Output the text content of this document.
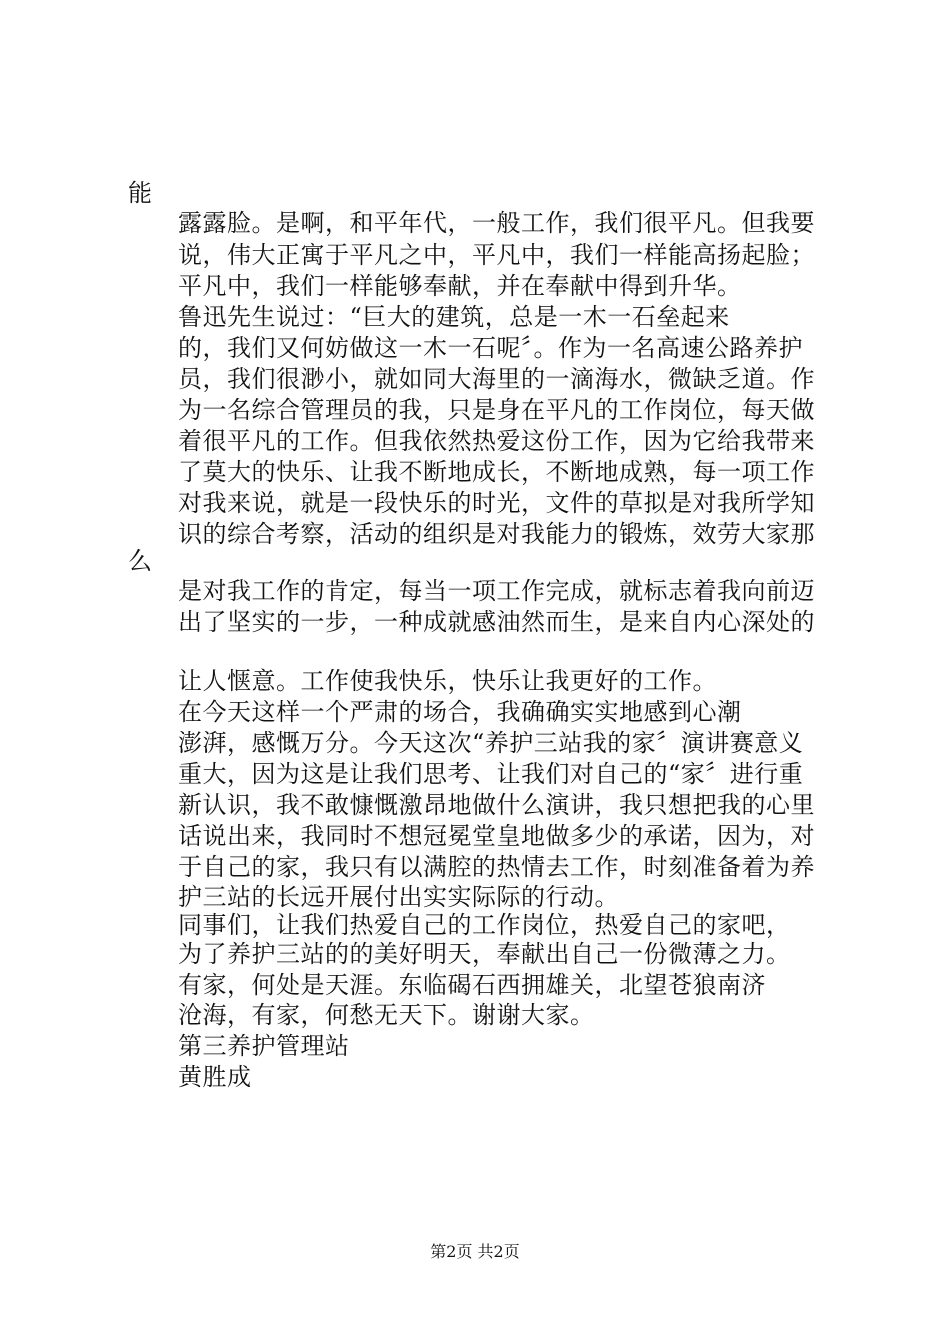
能
露露脸。是啊，和平年代，一般工作，我们很平凡。但我要
说，伟大正寓于平凡之中，平凡中，我们一样能高扬起脸；
平凡中，我们一样能够奉献，并在奉献中得到升华。
鲁迅先生说过：“巨大的建筑，总是一木一石垒起来
的，我们又何妨做这一木一石呢〞。作为一名高速公路养护
员，我们很渺小，就如同大海里的一滴海水，微缺乏道。作
为一名综合管理员的我，只是身在平凡的工作岗位，每天做
着很平凡的工作。但我依然热爱这份工作，因为它给我带来
了莫大的快乐、让我不断地成长，不断地成熟，每一项工作
对我来说，就是一段快乐的时光，文件的草拟是对我所学知
识的综合考察，活动的组织是对我能力的锻炼，效劳大家那
么
是对我工作的肯定，每当一项工作完成，就标志着我向前迈
出了坚实的一步，一种成就感油然而生，是来自内心深处的
让人惬意。工作使我快乐，快乐让我更好的工作。
在今天这样一个严肃的场合，我确确实实地感到心潮
澎湃，感慨万分。今天这次“养护三站我的家〞演讲赛意义
重大，因为这是让我们思考、让我们对自己的“家〞进行重
新认识，我不敢慷慨激昂地做什么演讲，我只想把我的心里
话说出来，我同时不想冠冕堂皇地做多少的承诺，因为，对
于自己的家，我只有以满腔的热情去工作，时刻准备着为养
护三站的长远开展付出实实际际的行动。
同事们，让我们热爱自己的工作岗位，热爱自己的家吧，
为了养护三站的的美好明天，奉献出自己一份微薄之力。
有家，何处是天涯。东临碣石西拥雄关，北望苍狼南济
沧海，有家，何愁无天下。谢谢大家。
第三养护管理站
黄胜成
第2页 共2页
